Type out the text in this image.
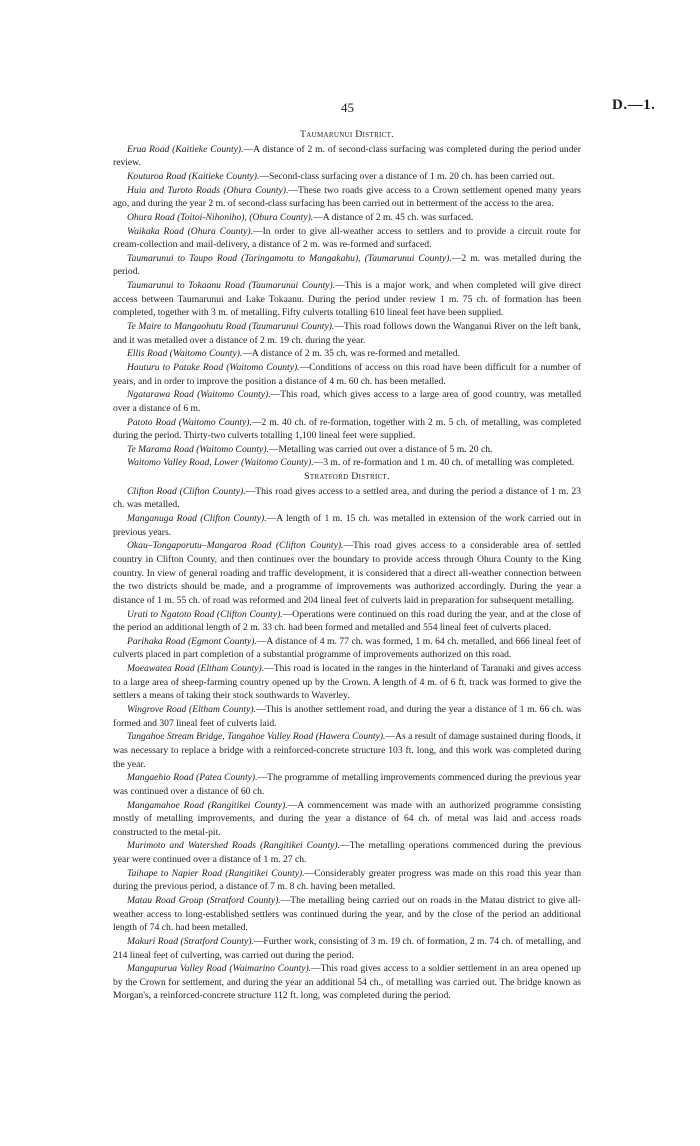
45	D.—1.
Taumarunui District.

Erua Road (Kaitieke County).—A distance of 2 m. of second-class surfacing was completed during the period under review.

Kouturoa Road (Kaitieke County).—Second-class surfacing over a distance of 1 m. 20 ch. has been carried out.

Huia and Turoto Roads (Ohura County).—These two roads give access to a Crown settlement opened many years ago, and during the year 2 m. of second-class surfacing has been carried out in betterment of the access to the area.

Ohura Road (Toitoi-Nihoniho), (Ohura County).—A distance of 2 m. 45 ch. was surfaced.

Waikaka Road (Ohura County).—In order to give all-weather access to settlers and to provide a circuit route for cream-collection and mail-delivery, a distance of 2 m. was re-formed and surfaced.

Taumarunui to Taupo Road (Taringamotu to Mangakahu), (Taumarunui County).—2 m. was metalled during the period.

Taumarunui to Tokaanu Road (Taumarunui County).—This is a major work, and when completed will give direct access between Taumarunui and Lake Tokaanu. During the period under review 1 m. 75 ch. of formation has been completed, together with 3 m. of metalling. Fifty culverts totalling 610 lineal feet have been supplied.

Te Maire to Mangaohutu Road (Taumarunui County).—This road follows down the Wanganui River on the left bank, and it was metalled over a distance of 2 m. 19 ch. during the year.

Ellis Road (Waitomo County).—A distance of 2 m. 35 ch. was re-formed and metalled.

Hauturu to Patake Road (Waitomo County).—Conditions of access on this road have been difficult for a number of years, and in order to improve the position a distance of 4 m. 60 ch. has been metalled.

Ngatarawa Road (Waitomo County).—This road, which gives access to a large area of good country, was metalled over a distance of 6 m.

Patoto Road (Waitomo County).—2 m. 40 ch. of re-formation, together with 2 m. 5 ch. of metalling, was completed during the period. Thirty-two culverts totalling 1,100 lineal feet were supplied.

Te Marama Road (Waitomo County).—Metalling was carried out over a distance of 5 m. 20 ch.

Waitomo Valley Road, Lower (Waitomo County).—3 m. of re-formation and 1 m. 40 ch. of metalling was completed.

Stratford District.

Clifton Road (Clifton County).—This road gives access to a settled area, and during the period a distance of 1 m. 23 ch. was metalled.

Manganuga Road (Clifton County).—A length of 1 m. 15 ch. was metalled in extension of the work carried out in previous years.

Okau–Tongaporutu–Mangaroa Road (Clifton County).—This road gives access to a considerable area of settled country in Clifton County, and then continues over the boundary to provide access through Ohura County to the King country. In view of general roading and traffic development, it is considered that a direct all-weather connection between the two districts should be made, and a programme of improvements was authorized accordingly. During the year a distance of 1 m. 55 ch. of road was reformed and 204 lineal feet of culverts laid in preparation for subsequent metalling.

Urati to Ngatoto Road (Clifton County).—Operations were continued on this road during the year, and at the close of the period an additional length of 2 m. 33 ch. had been formed and metalled and 554 lineal feet of culverts placed.

Parihaka Road (Egmont County).—A distance of 4 m. 77 ch. was formed, 1 m. 64 ch. metalled, and 666 lineal feet of culverts placed in part completion of a substantial programme of improvements authorized on this road.

Moeawatea Road (Eltham County).—This road is located in the ranges in the hinterland of Taranaki and gives access to a large area of sheep-farming country opened up by the Crown. A length of 4 m. of 6 ft. track was formed to give the settlers a means of taking their stock southwards to Waverley.

Wingrove Road (Eltham County).—This is another settlement road, and during the year a distance of 1 m. 66 ch. was formed and 307 lineal feet of culverts laid.

Tangahoe Stream Bridge, Tangahoe Valley Road (Hawera County).—As a result of damage sustained during floods, it was necessary to replace a bridge with a reinforced-concrete structure 103 ft. long, and this work was completed during the year.

Mangaehio Road (Patea County).—The programme of metalling improvements commenced during the previous year was continued over a distance of 60 ch.

Mangamahoe Road (Rangitikei County).—A commencement was made with an authorized programme consisting mostly of metalling improvements, and during the year a distance of 64 ch. of metal was laid and access roads constructed to the metal-pit.

Murimoto and Watershed Roads (Rangitikei County).—The metalling operations commenced during the previous year were continued over a distance of 1 m. 27 ch.

Taihape to Napier Road (Rangitikei County).—Considerably greater progress was made on this road this year than during the previous period, a distance of 7 m. 8 ch. having been metalled.

Matau Road Group (Stratford County).—The metalling being carried out on roads in the Matau district to give all-weather access to long-established settlers was continued during the year, and by the close of the period an additional length of 74 ch. had been metalled.

Makuri Road (Stratford County).—Further work, consisting of 3 m. 19 ch. of formation, 2 m. 74 ch. of metalling, and 214 lineal feet of culverting, was carried out during the period.

Mangapurua Valley Road (Waimarino County).—This road gives access to a soldier settlement in an area opened up by the Crown for settlement, and during the year an additional 54 ch., of metalling was carried out. The bridge known as Morgan's, a reinforced-concrete structure 112 ft. long, was completed during the period.
